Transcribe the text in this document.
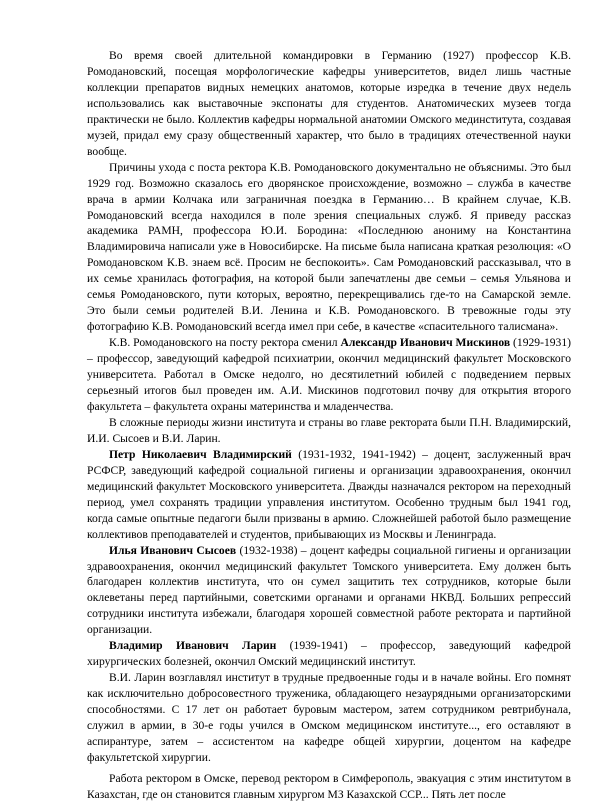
Во время своей длительной командировки в Германию (1927) профессор К.В. Ромодановский, посещая морфологические кафедры университетов, видел лишь частные коллекции препаратов видных немецких анатомов, которые изредка в течение двух недель использовались как выставочные экспонаты для студентов. Анатомических музеев тогда практически не было. Коллектив кафедры нормальной анатомии Омского мединститута, создавая музей, придал ему сразу общественный характер, что было в традициях отечественной науки вообще.

Причины ухода с поста ректора К.В. Ромодановского документально не объяснимы. Это был 1929 год. Возможно сказалось его дворянское происхождение, возможно – служба в качестве врача в армии Колчака или заграничная поездка в Германию… В крайнем случае, К.В. Ромодановский всегда находился в поле зрения специальных служб. Я приведу рассказ академика РАМН, профессора Ю.И. Бородина: «Последнюю анониму на Константина Владимировича написали уже в Новосибирске. На письме была написана краткая резолюция: «О Ромодановском К.В. знаем всё. Просим не беспокоить». Сам Ромодановский рассказывал, что в их семье хранилась фотография, на которой были запечатлены две семьи – семья Ульянова и семья Ромодановского, пути которых, вероятно, перекрещивались где-то на Самарской земле. Это были семьи родителей В.И. Ленина и К.В. Ромодановского. В тревожные годы эту фотографию К.В. Ромодановский всегда имел при себе, в качестве «спасительного талисмана».

К.В. Ромодановского на посту ректора сменил Александр Иванович Мискинов (1929-1931) – профессор, заведующий кафедрой психиатрии, окончил медицинский факультет Московского университета. Работал в Омске недолго, но десятилетний юбилей с подведением первых серьезный итогов был проведен им. А.И. Мискинов подготовил почву для открытия второго факультета – факультета охраны материнства и младенчества.

В сложные периоды жизни института и страны во главе ректората были П.Н. Владимирский, И.И. Сысоев и В.И. Ларин.

Петр Николаевич Владимирский (1931-1932, 1941-1942) – доцент, заслуженный врач РСФСР, заведующий кафедрой социальной гигиены и организации здравоохранения, окончил медицинский факультет Московского университета. Дважды назначался ректором на переходный период, умел сохранять традиции управления институтом. Особенно трудным был 1941 год, когда самые опытные педагоги были призваны в армию. Сложнейшей работой было размещение коллективов преподавателей и студентов, прибывающих из Москвы и Ленинграда.

Илья Иванович Сысоев (1932-1938) – доцент кафедры социальной гигиены и организации здравоохранения, окончил медицинский факультет Томского университета. Ему должен быть благодарен коллектив института, что он сумел защитить тех сотрудников, которые были оклеветаны перед партийными, советскими органами и органами НКВД. Больших репрессий сотрудники института избежали, благодаря хорошей совместной работе ректората и партийной организации.

Владимир Иванович Ларин (1939-1941) – профессор, заведующий кафедрой хирургических болезней, окончил Омский медицинский институт.

В.И. Ларин возглавлял институт в трудные предвоенные годы и в начале войны. Его помнят как исключительно добросовестного труженика, обладающего незаурядными организаторскими способностями. С 17 лет он работает буровым мастером, затем сотрудником ревтрибунала, служил в армии, в 30-е годы учился в Омском медицинском институте..., его оставляют в аспирантуре, затем – ассистентом на кафедре общей хирургии, доцентом на кафедре факультетской хирургии.

Работа ректором в Омске, перевод ректором в Симферополь, эвакуация с этим институтом в Казахстан, где он становится главным хирургом МЗ Казахской ССР... Пять лет после
